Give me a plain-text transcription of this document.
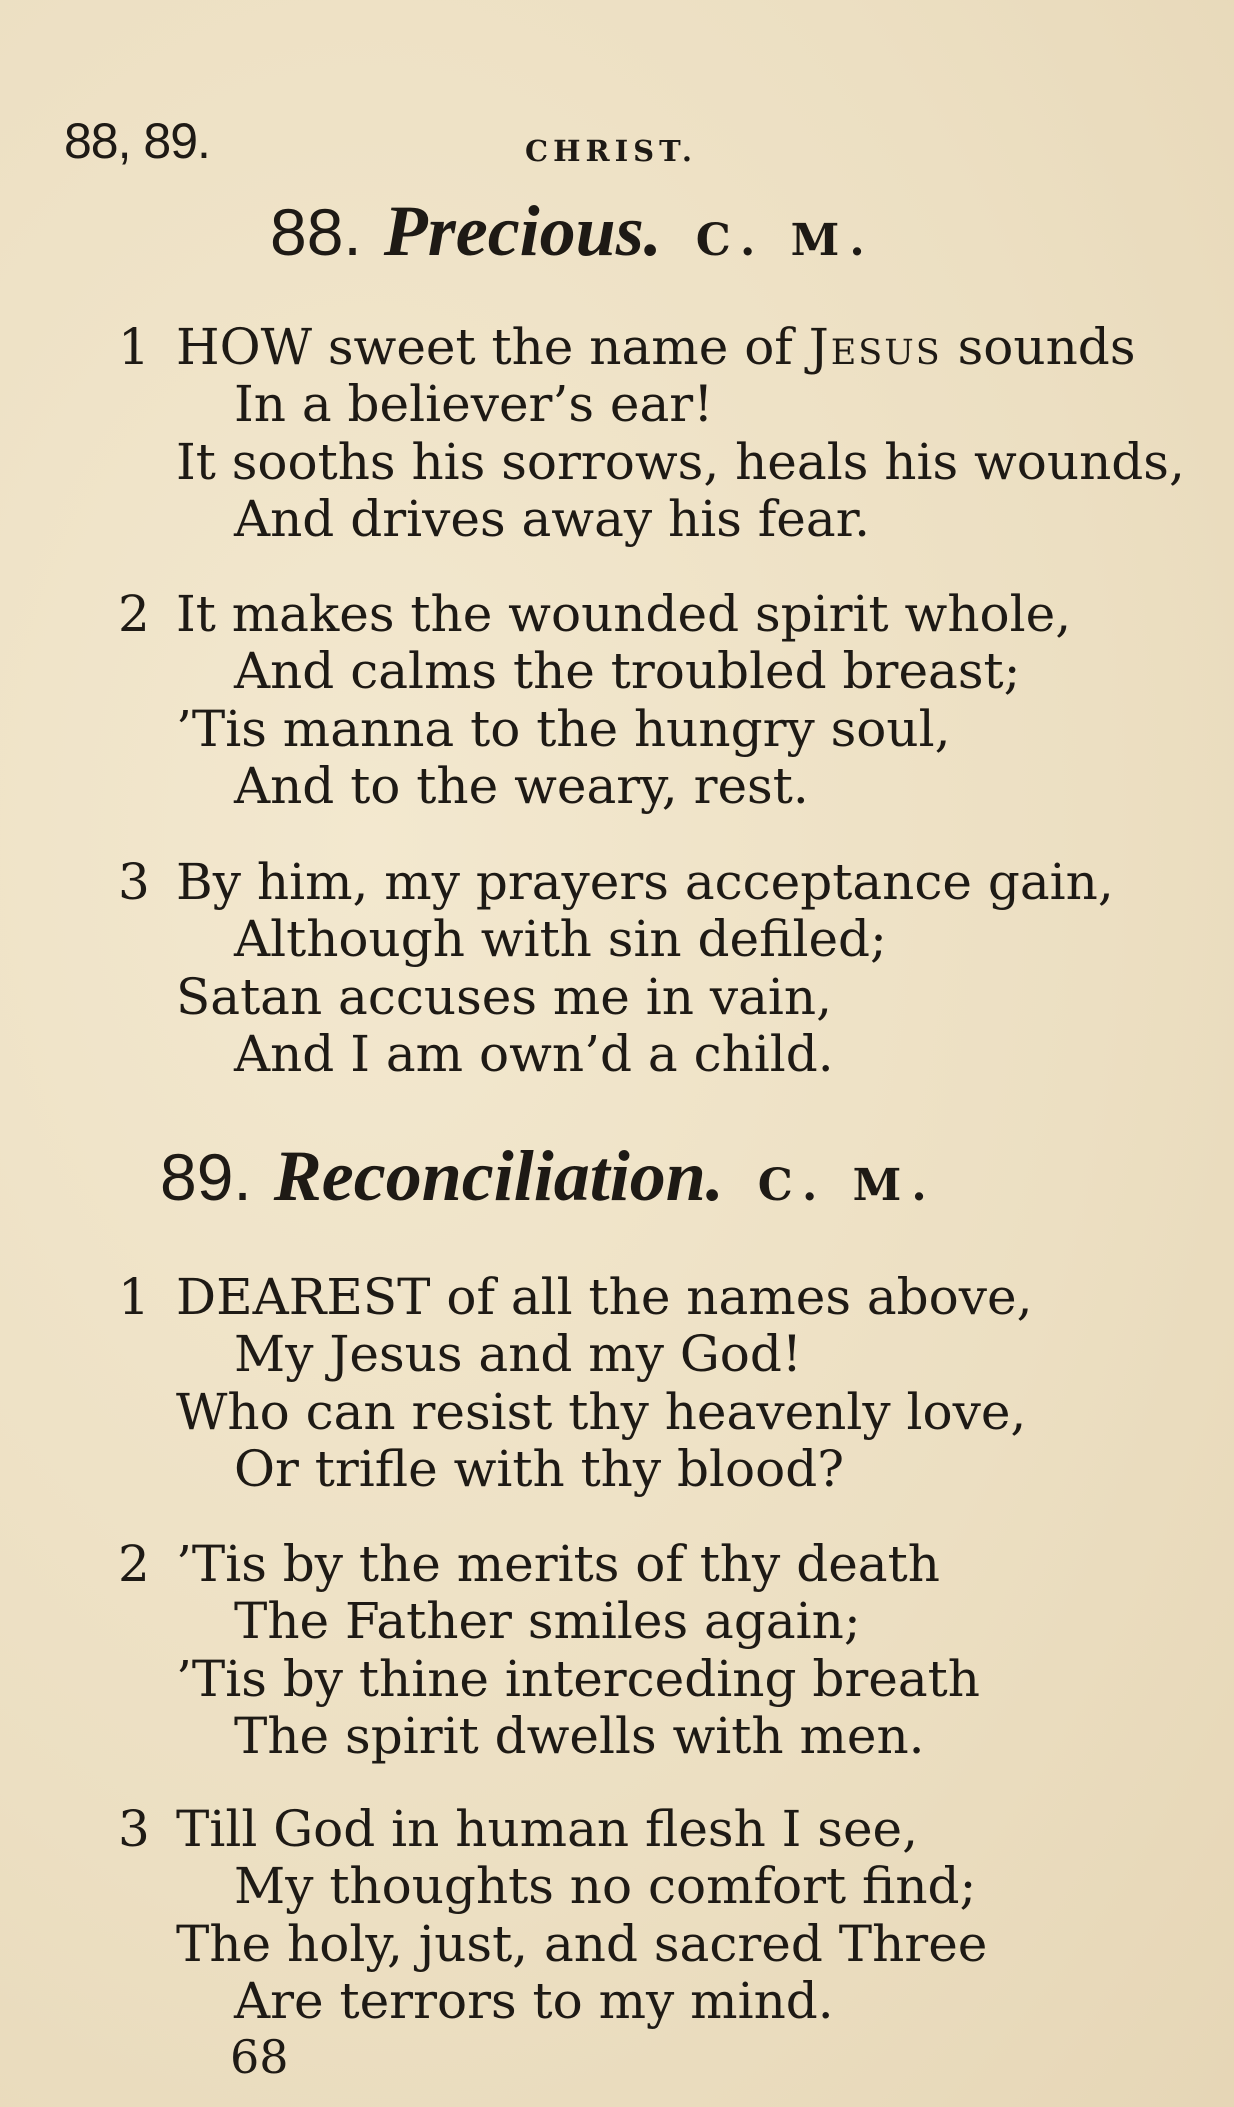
88, 89.	CHRIST.
88. Precious. C. M.
1 HOW sweet the name of Jesus sounds
In a believer’s ear!
It sooths his sorrows, heals his wounds,
And drives away his fear.
2 It makes the wounded spirit whole,
And calms the troubled breast;
’Tis manna to the hungry soul,
And to the weary, rest.
3 By him, my prayers acceptance gain,
Although with sin defiled;
Satan accuses me in vain,
And I am own’d a child.
89. Reconciliation. C. M.
1 DEAREST of all the names above,
My Jesus and my God!
Who can resist thy heavenly love,
Or trifle with thy blood?
2 ’Tis by the merits of thy death
The Father smiles again;
’Tis by thine interceding breath
The spirit dwells with men.
3 Till God in human flesh I see,
My thoughts no comfort find;
The holy, just, and sacred Three
Are terrors to my mind.
68
